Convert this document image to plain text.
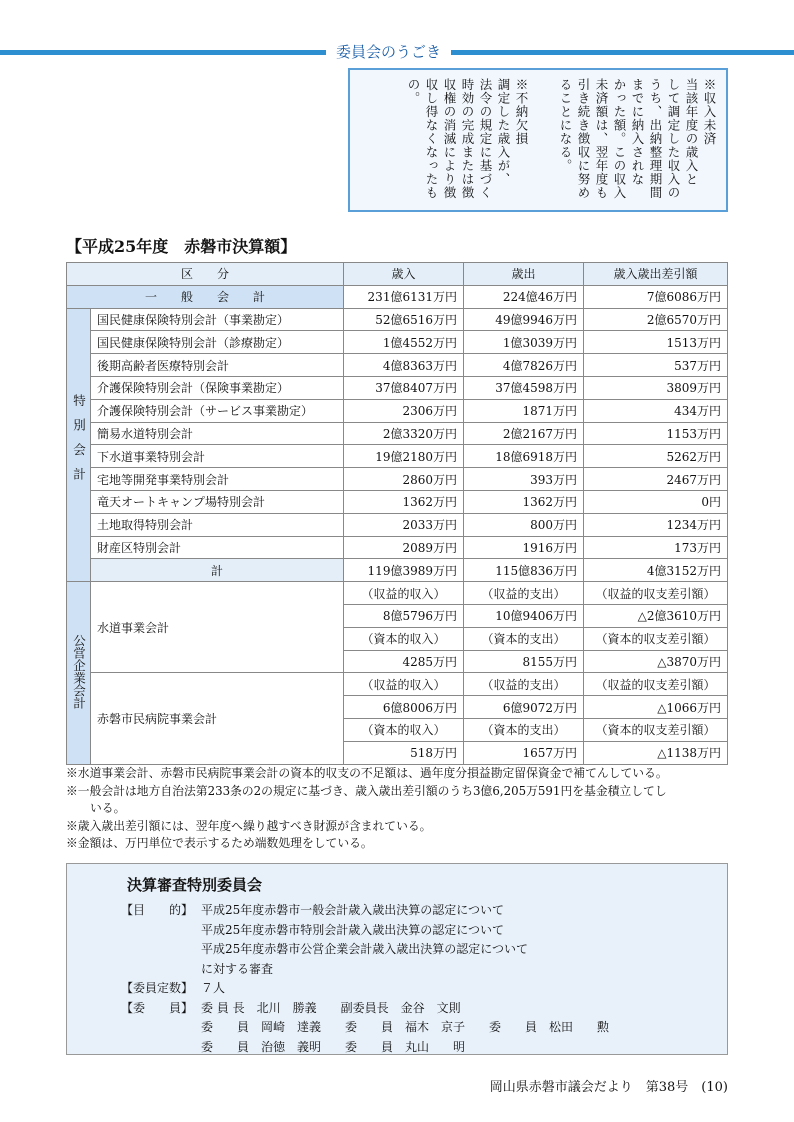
委員会のうごき
※収入未済
当該年度の歳入と
して調定した収入の
うち、出納整理期間
までに納入されな
かった額。この収入
未済額は、翌年度も
引き続き徴収に努め
ることになる。
※不納欠損
調定した歳入が、
法令の規定に基づく
時効の完成または徴
収権の消滅により徴
収し得なくなったも
の。
【平成25年度　赤磐市決算額】
区　　分		歳入	歳出	歳入歳出差引額
一　　般　　会　　計		231億6131万円	224億46万円	7億6086万円
特別会計	国民健康保険特別会計（事業勘定）	52億6516万円	49億9946万円	2億6570万円
	国民健康保険特別会計（診療勘定）	1億4552万円	1億3039万円	1513万円
	後期高齢者医療特別会計	4億8363万円	4億7826万円	537万円
	介護保険特別会計（保険事業勘定）	37億8407万円	37億4598万円	3809万円
	介護保険特別会計（サービス事業勘定）	2306万円	1871万円	434万円
	簡易水道特別会計	2億3320万円	2億2167万円	1153万円
	下水道事業特別会計	19億2180万円	18億6918万円	5262万円
	宅地等開発事業特別会計	2860万円	393万円	2467万円
	竜天オートキャンプ場特別会計	1362万円	1362万円	0円
	土地取得特別会計	2033万円	800万円	1234万円
	財産区特別会計	2089万円	1916万円	173万円
	計	119億3989万円	115億836万円	4億3152万円
公営企業会計	水道事業会計	（収益的収入）	（収益的支出）	（収益的収支差引額）
		8億5796万円	10億9406万円	△2億3610万円
		（資本的収入）	（資本的支出）	（資本的収支差引額）
		4285万円	8155万円	△3870万円
	赤磐市民病院事業会計	（収益的収入）	（収益的支出）	（収益的収支差引額）
		6億8006万円	6億9072万円	△1066万円
		（資本的収入）	（資本的支出）	（資本的収支差引額）
		518万円	1657万円	△1138万円

※水道事業会計、赤磐市民病院事業会計の資本的収支の不足額は、過年度分損益勘定留保資金で補てんしている。

※一般会計は地方自治法第233条の2の規定に基づき、歳入歳出差引額のうち3億6,205万591円を基金積立してし

いる。

※歳入歳出差引額には、翌年度へ繰り越すべき財源が含まれている。

※金額は、万円単位で表示するため端数処理をしている。

決算審査特別委員会
【目　　的】 平成25年度赤磐市一般会計歳入歳出決算の認定について
平成25年度赤磐市特別会計歳入歳出決算の認定について
平成25年度赤磐市公営企業会計歳入歳出決算の認定について
に対する審査
【委員定数】 ７人
【委　　員】 委 員 長　北川　勝義　　副委員長　金谷　文則
委　　員　岡崎　達義　　委　　員　福木　京子　　委　　員　松田　　勲
委　　員　治徳　義明　　委　　員　丸山　　明
岡山県赤磐市議会だより　第38号　(10)
